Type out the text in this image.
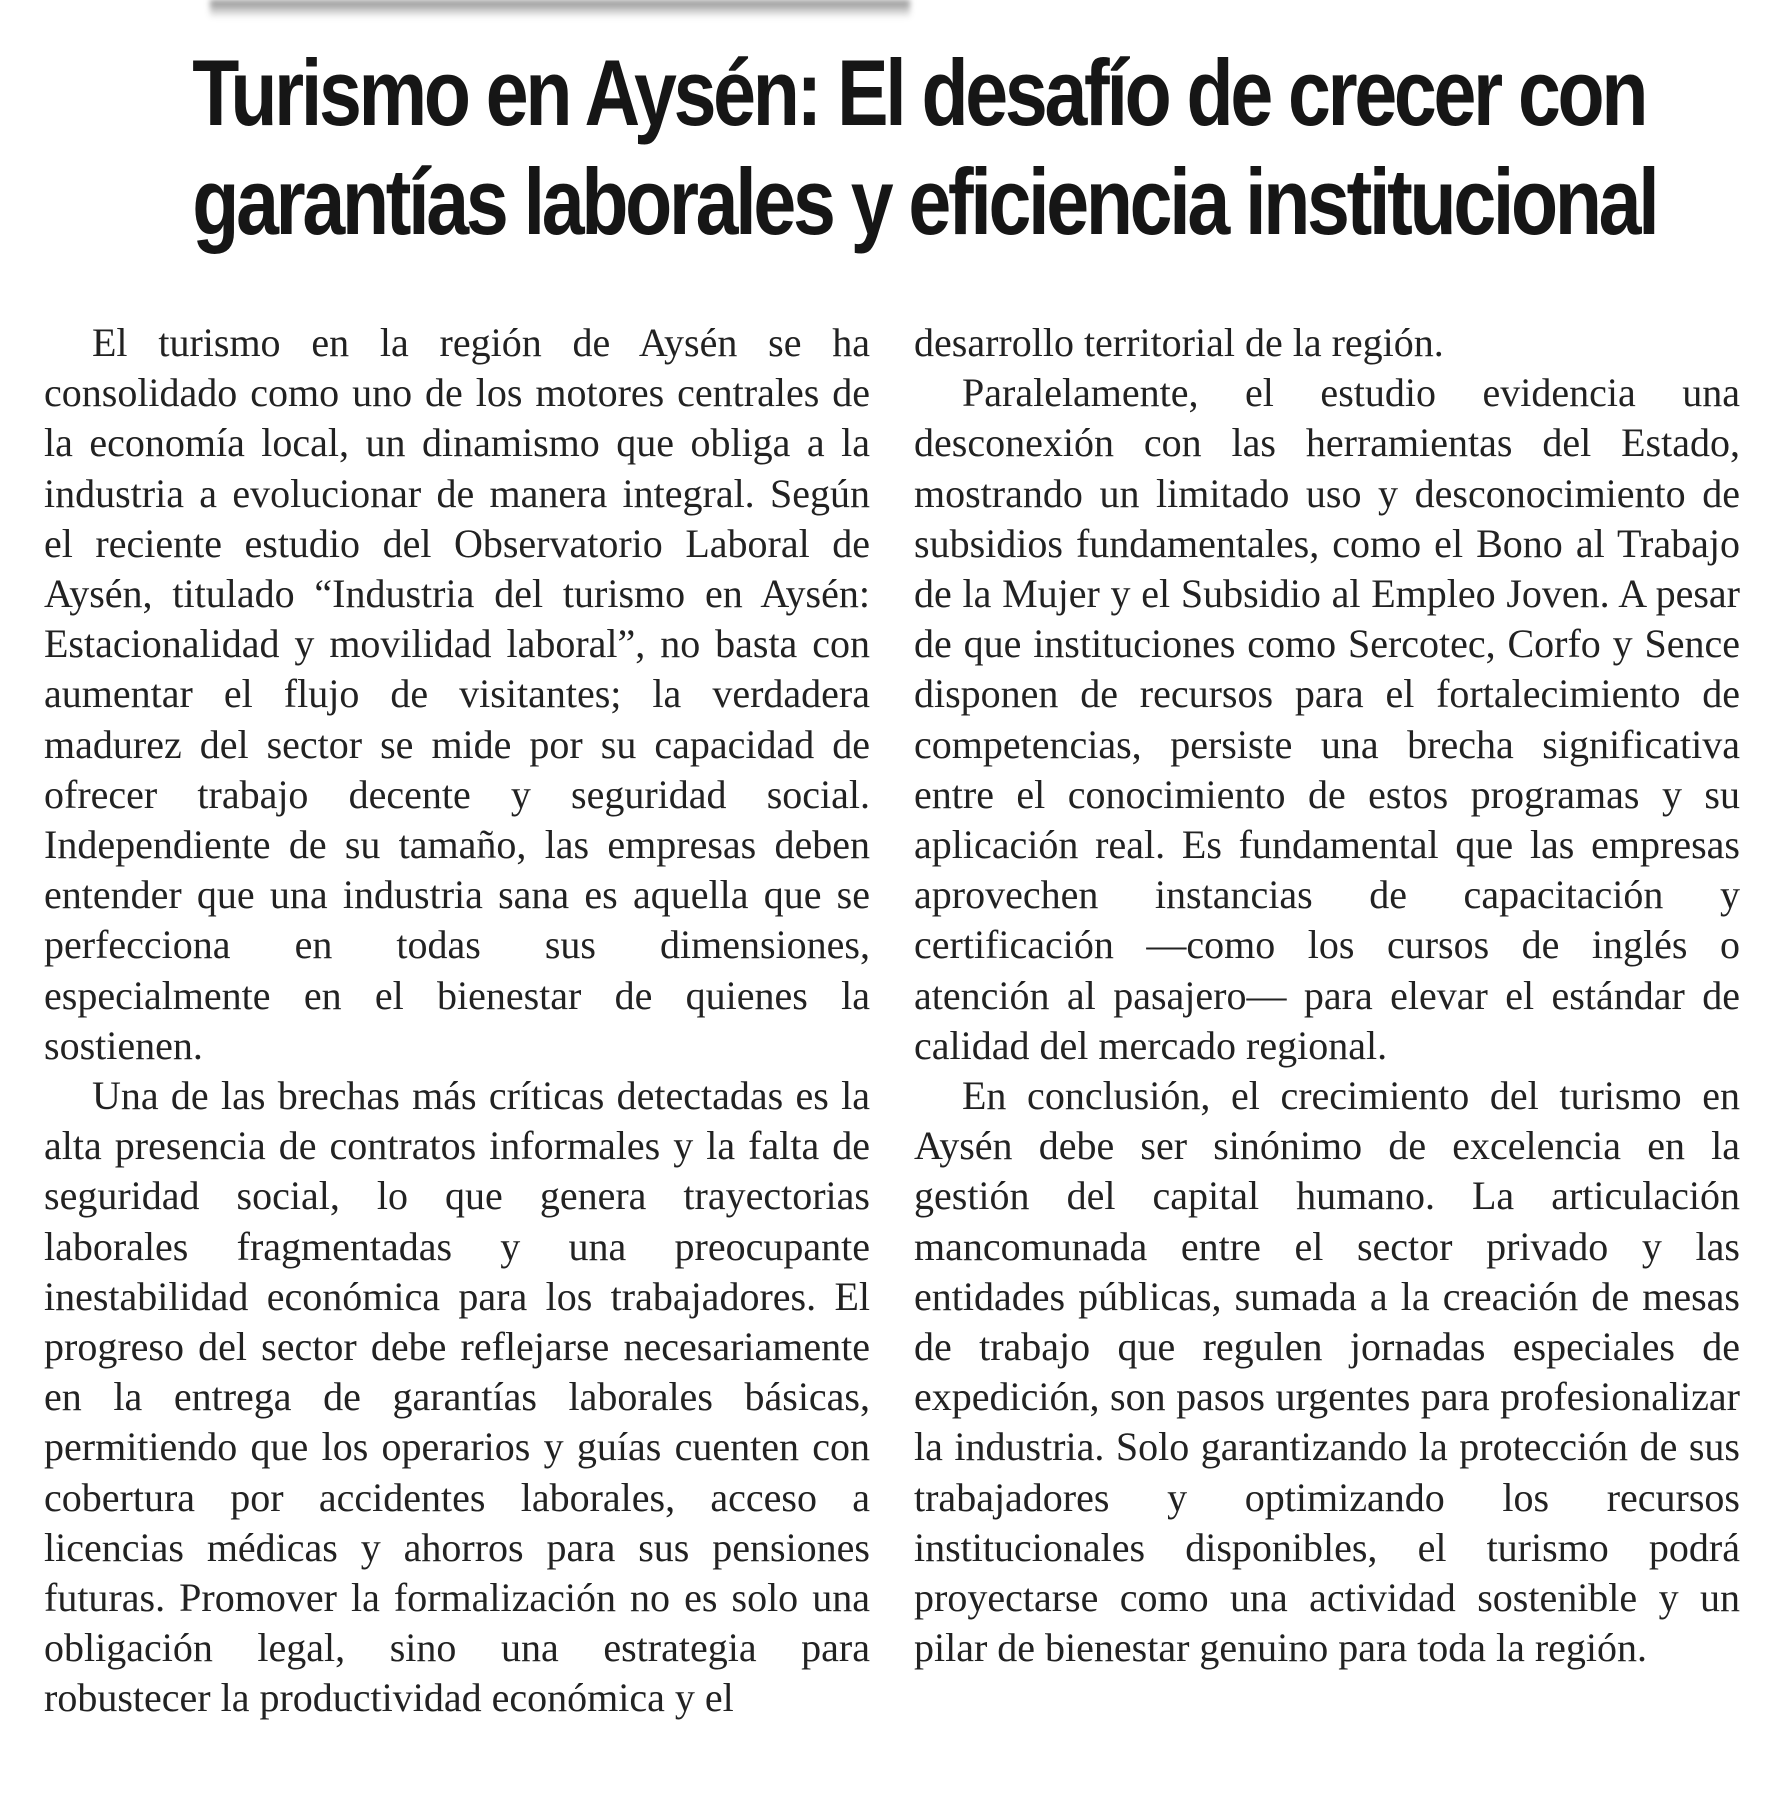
Turismo en Aysén: El desafío de crecer con
garantías laborales y eficiencia institucional

El turismo en la región de Aysén se ha consolidado como uno de los motores centrales de la economía local, un dinamismo que obliga a la industria a evolucionar de manera integral. Según el reciente estudio del Observatorio Laboral de Aysén, titulado “Industria del turismo en Aysén: Estacionalidad y movilidad laboral”, no basta con aumentar el flujo de visitantes; la verdadera madurez del sector se mide por su capacidad de ofrecer trabajo decente y seguridad social. Independiente de su tamaño, las empresas deben entender que una industria sana es aquella que se perfecciona en todas sus dimensiones, especialmente en el bienestar de quienes la sostienen.

Una de las brechas más críticas detectadas es la alta presencia de contratos informales y la falta de seguridad social, lo que genera trayectorias laborales fragmentadas y una preocupante inestabilidad económica para los trabajadores. El progreso del sector debe reflejarse necesariamente en la entrega de garantías laborales básicas, permitiendo que los operarios y guías cuenten con cobertura por accidentes laborales, acceso a licencias médicas y ahorros para sus pensiones futuras. Promover la formalización no es solo una obligación legal, sino una estrategia para robustecer la productividad económica y el

desarrollo territorial de la región.

Paralelamente, el estudio evidencia una desconexión con las herramientas del Estado, mostrando un limitado uso y desconocimiento de subsidios fundamentales, como el Bono al Trabajo de la Mujer y el Subsidio al Empleo Joven. A pesar de que instituciones como Sercotec, Corfo y Sence disponen de recursos para el fortalecimiento de competencias, persiste una brecha significativa entre el conocimiento de estos programas y su aplicación real. Es fundamental que las empresas aprovechen instancias de capacitación y certificación —como los cursos de inglés o atención al pasajero— para elevar el estándar de calidad del mercado regional.

En conclusión, el crecimiento del turismo en Aysén debe ser sinónimo de excelencia en la gestión del capital humano. La articulación mancomunada entre el sector privado y las entidades públicas, sumada a la creación de mesas de trabajo que regulen jornadas especiales de expedición, son pasos urgentes para profesionalizar la industria. Solo garantizando la protección de sus trabajadores y optimizando los recursos institucionales disponibles, el turismo podrá proyectarse como una actividad sostenible y un pilar de bienestar genuino para toda la región.
